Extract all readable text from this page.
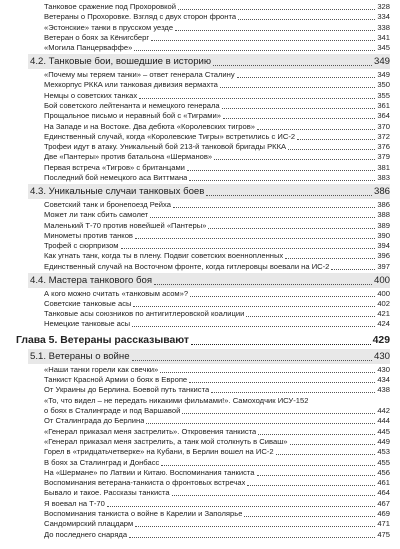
Танковое сражение под Прохоровкой	328
Ветераны о Прохоровке. Взгляд с двух сторон фронта	334
«Эстонские» танки в прусском уезде	338
Ветеран о боях за Кёнигсберг	341
«Могила Панцерваффе»	345
4.2. Танковые бои, вошедшие в историю	349
«Почему мы теряем танки» – ответ генерала Сталину	349
Мехкорпус РККА или танковая дивизия вермахта	350
Немцы о советских танках	355
Бой советского лейтенанта и немецкого генерала	361
Прощальное письмо и неравный бой с «Тиграми»	364
На Западе и на Востоке. Два дебюта «Королевских тигров»	370
Единственный случай, когда «Королевские Тигры» встретились с ИС-2	372
Трофеи идут в атаку. Уникальный бой 213-й танковой бригады РККА	376
Две «Пантеры» против батальона «Шерманов»	379
Первая встреча «Тигров» с британцами	381
Последний бой немецкого аса Виттмана	383
4.3. Уникальные случаи танковых боев	386
Советский танк и бронепоезд Рейха	386
Может ли танк сбить самолет	388
Маленький Т-70 против новейшей «Пантеры»	389
Минометы против танков	390
Трофей с сюрпризом	394
Как угнать танк, когда ты в плену. Подвиг советских военнопленных	396
Единственный случай на Восточном фронте, когда гитлеровцы воевали на ИС-2	397
4.4. Мастера танкового боя	400
А кого можно считать «танковым асом»?	400
Советские танковые асы	402
Танковые асы союзников по антигитлеровской коалиции	421
Немецкие танковые асы	424
Глава 5. Ветераны рассказывают	429
5.1. Ветераны о войне	430
«Наши танки горели как свечки»	430
Танкист Красной Армии о боях в Европе	434
От Украины до Берлина. Боевой путь танкиста	438
«То, что видел – не передать никакими фильмами!». Самоходчик ИСУ-152
о боях в Сталинграде и под Варшавой	442
От Сталинграда до Берлина	444
«Генерал приказал меня застрелить». Откровения танкиста	445
«Генерал приказал меня застрелить, а танк мой столкнуть в Сиваш»	449
Горел в «тридцатьчетверке» на Кубани, в Берлин вошел на ИС-2	453
В боях за Сталинград и Донбасс	455
На «Шермане» по Латвии и Китаю. Воспоминания танкиста	456
Воспоминания ветерана-танкиста о фронтовых встречах	461
Бывало и такое. Рассказы танкиста	464
Я воевал на Т-70	467
Воспоминания танкиста о войне в Карелии и Заполярье	469
Сандомирский плацдарм	471
До последнего снаряда	475
